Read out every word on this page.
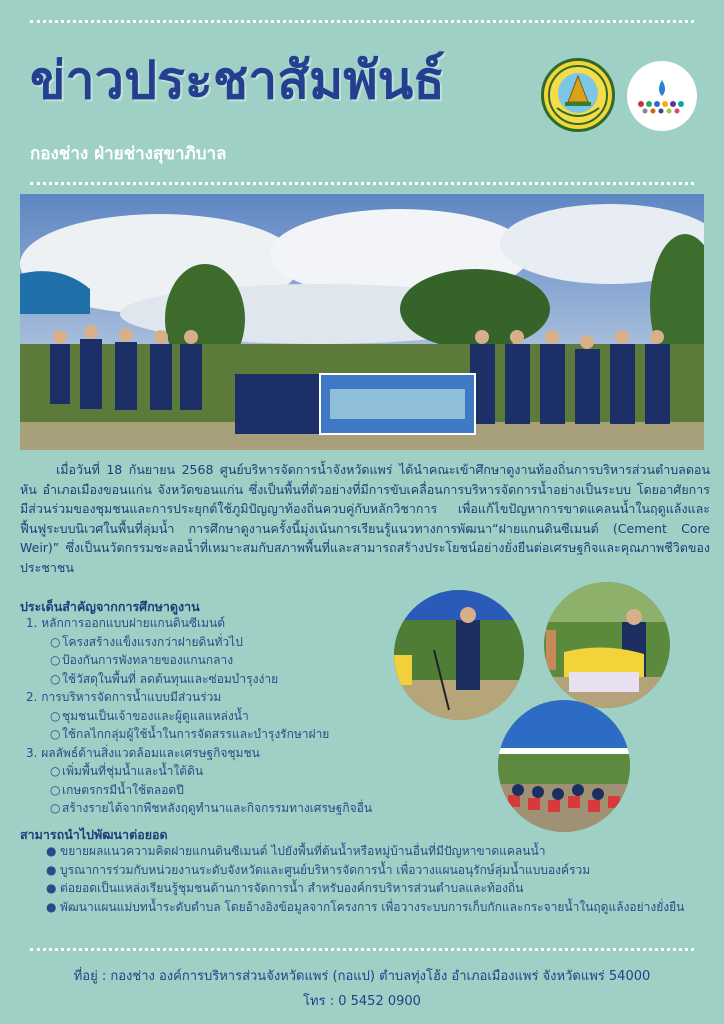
ข่าวประชาสัมพันธ์
กองช่าง ฝ่ายช่างสุขาภิบาล
เมื่อวันที่ 18 กันยายน 2568 ศูนย์บริหารจัดการน้ำจังหวัดแพร่ ได้นำคณะเข้าศึกษาดูงานท้องถิ่นการบริหารส่วนตำบลดอนหัน อำเภอเมืองขอนแก่น จังหวัดขอนแก่น ซึ่งเป็นพื้นที่ตัวอย่างที่มีการขับเคลื่อนการบริหารจัดการน้ำอย่างเป็นระบบ โดยอาศัยการมีส่วนร่วมของชุมชนและการประยุกต์ใช้ภูมิปัญญาท้องถิ่นควบคู่กับหลักวิชาการ เพื่อแก้ไขปัญหาการขาดแคลนน้ำในฤดูแล้งและฟื้นฟูระบบนิเวศในพื้นที่ลุ่มน้ำ การศึกษาดูงานครั้งนี้มุ่งเน้นการเรียนรู้แนวทางการพัฒนา“ฝายแกนดินซีเมนต์ (Cement Core Weir)” ซึ่งเป็นนวัตกรรมชะลอน้ำที่เหมาะสมกับสภาพพื้นที่และสามารถสร้างประโยชน์อย่างยั่งยืนต่อเศรษฐกิจและคุณภาพชีวิตของประชาชน
ประเด็นสำคัญจากการศึกษาดูงาน
1. หลักการออกแบบฝายแกนดินซีเมนต์
○ โครงสร้างแข็งแรงกว่าฝายดินทั่วไป
○ ป้องกันการพังทลายของแกนกลาง
○ ใช้วัสดุในพื้นที่ ลดต้นทุนและซ่อมบำรุงง่าย
2. การบริหารจัดการน้ำแบบมีส่วนร่วม
○ ชุมชนเป็นเจ้าของและผู้ดูแลแหล่งน้ำ
○ ใช้กลไกกลุ่มผู้ใช้น้ำในการจัดสรรและบำรุงรักษาฝาย
3. ผลลัพธ์ด้านสิ่งแวดล้อมและเศรษฐกิจชุมชน
○ เพิ่มพื้นที่ชุ่มน้ำและน้ำใต้ดิน
○ เกษตรกรมีน้ำใช้ตลอดปี
○ สร้างรายได้จากพืชหลังฤดูทำนาและกิจกรรมทางเศรษฐกิจอื่น
สามารถนำไปพัฒนาต่อยอด
● ขยายผลแนวความคิดฝายแกนดินซีเมนต์ ไปยังพื้นที่ต้นน้ำหรือหมู่บ้านอื่นที่มีปัญหาขาดแคลนน้ำ
● บูรณาการร่วมกับหน่วยงานระดับจังหวัดและศูนย์บริหารจัดการน้ำ เพื่อวางแผนอนุรักษ์ลุ่มน้ำแบบองค์รวม
● ต่อยอดเป็นแหล่งเรียนรู้ชุมชนด้านการจัดการน้ำ สำหรับองค์กรบริหารส่วนตำบลและท้องถิ่น
● พัฒนาแผนแม่บทน้ำระดับตำบล โดยอ้างอิงข้อมูลจากโครงการ เพื่อวางระบบการเก็บกักและกระจายน้ำในฤดูแล้งอย่างยั่งยืน
ที่อยู่ : กองช่าง องค์การบริหารส่วนจังหวัดแพร่ (กอแป) ตำบลทุ่งโฮ้ง อำเภอเมืองแพร่ จังหวัดแพร่ 54000
โทร : 0 5452 0900
